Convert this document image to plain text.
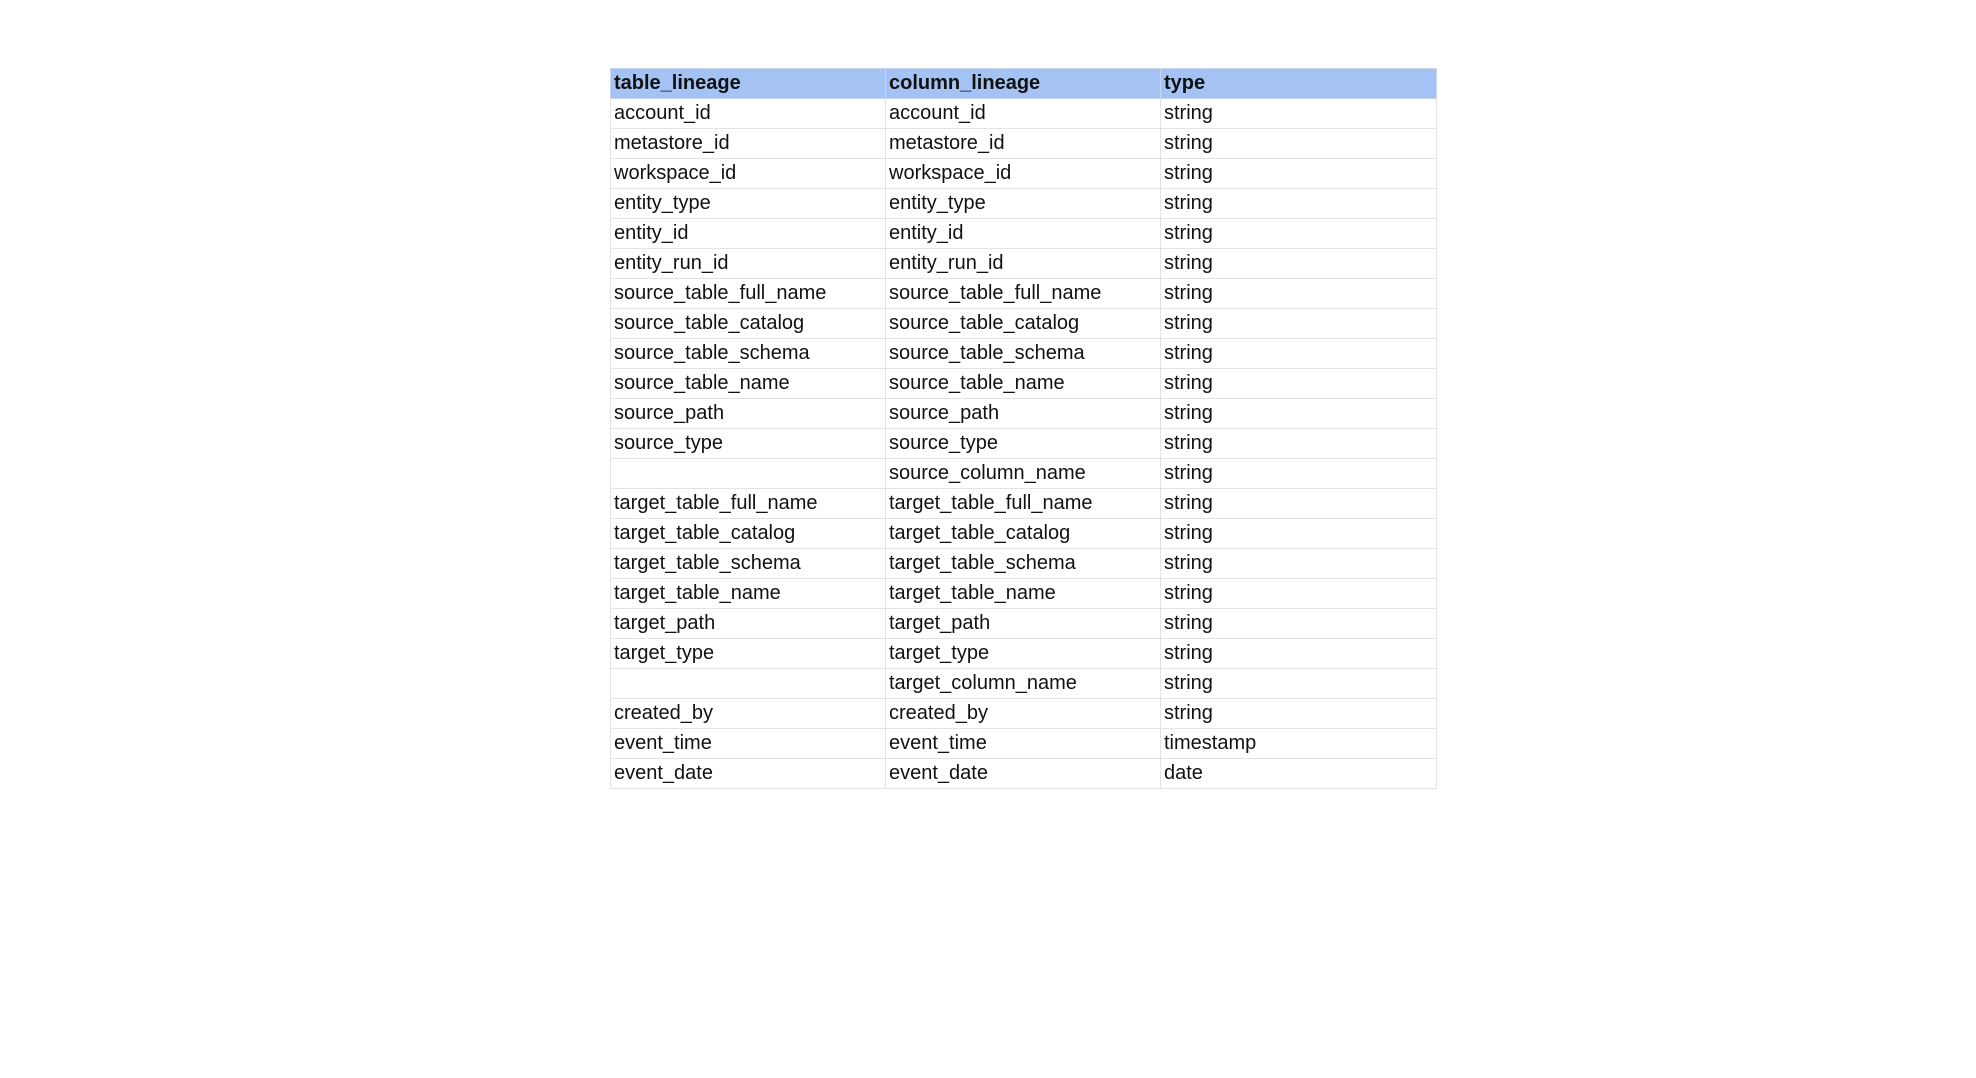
table_lineage	column_lineage	type
account_id	account_id	string
metastore_id	metastore_id	string
workspace_id	workspace_id	string
entity_type	entity_type	string
entity_id	entity_id	string
entity_run_id	entity_run_id	string
source_table_full_name	source_table_full_name	string
source_table_catalog	source_table_catalog	string
source_table_schema	source_table_schema	string
source_table_name	source_table_name	string
source_path	source_path	string
source_type	source_type	string
	source_column_name	string
target_table_full_name	target_table_full_name	string
target_table_catalog	target_table_catalog	string
target_table_schema	target_table_schema	string
target_table_name	target_table_name	string
target_path	target_path	string
target_type	target_type	string
	target_column_name	string
created_by	created_by	string
event_time	event_time	timestamp
event_date	event_date	date
